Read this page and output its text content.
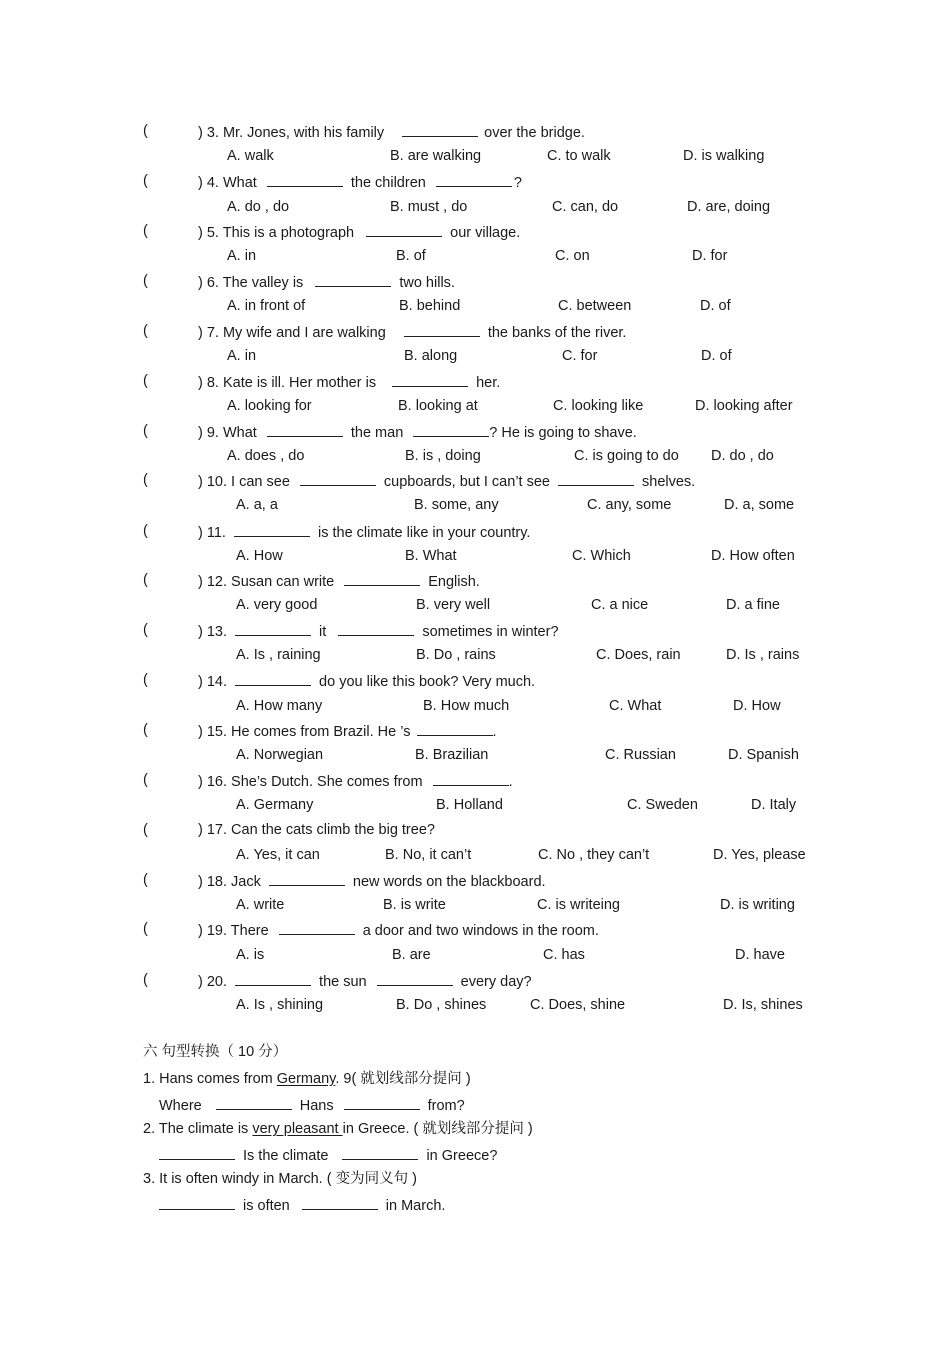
(	) 3. Mr. Jones, with his family	over the bridge.
A. walk	B. are walking	C. to walk	D. is walking
(	) 4. What	the children	?
A. do , do	B. must , do	C. can, do	D. are, doing
(	) 5. This is a photograph	our village.
A. in	B. of	C. on	D. for
(	) 6. The valley is	two hills.
A. in front of	B. behind	C. between	D. of
(	) 7. My wife and I are walking	the banks of the river.
A. in	B. along	C. for	D. of
(	) 8. Kate is ill. Her mother is	her.
A. looking for	B. looking at	C. looking like	D. looking after
(	) 9. What	the man	? He is going to shave.
A. does , do	B. is , doing	C. is going to do D. do , do
(	) 10. I can see	cupboards, but I can’t see	shelves.
A. a, a	B. some, any	C. any, some	D. a, some
(	) 11.	is the climate like in your country.
A. How	B. What	C. Which	D. How often
(	) 12. Susan can write	English.
A. very good	B. very well	C. a nice	D. a fine
(	) 13.	it	sometimes in winter?
A. Is , raining	B. Do , rains	C. Does, rain	D. Is , rains
(	) 14.	do you like this book? Very much.
A. How many	B. How much	C. What	D. How
(	) 15. He comes from Brazil. He ’s	.
A. Norwegian	B. Brazilian	C. Russian	D. Spanish
(	) 16. She’s Dutch. She comes from	.
A. Germany	B. Holland	C. Sweden	D. Italy
(	) 17. Can the cats climb the big tree?
A. Yes, it can	B. No, it can’t	C. No , they can’t	D. Yes, please
(	) 18. Jack	new words on the blackboard.
A. write	B. is write	C. is writeing	D. is writing
(	) 19. There	a door and two windows in the room.
A. is	B. are	C. has	D. have
(	) 20.	the sun	every day?
A. Is , shining	B. Do , shines	C. Does, shine	D. Is, shines
六 句型转换（ 10 分）
1. Hans comes from Germany. 9( 就划线部分提问 )
Where	Hans	from?
2. The climate is very pleasant in Greece. ( 就划线部分提问 )
Is the climate	in Greece?
3. It is often windy in March. ( 变为同义句 )
is often	in March.
